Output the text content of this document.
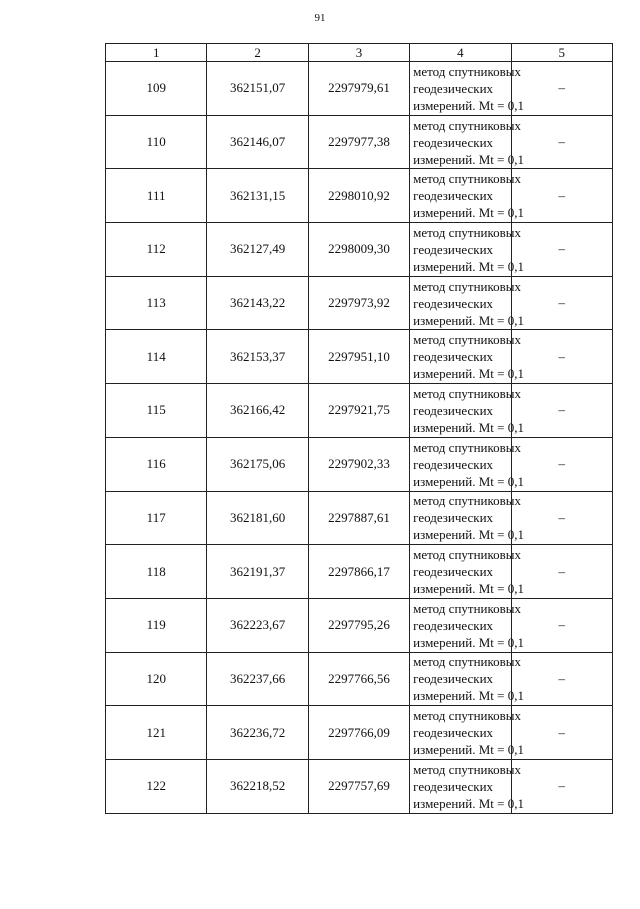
91
1	2	3	4	5
109	362151,07	2297979,61	метод спутниковых
геодезических
измерений. Mt = 0,1	–
110	362146,07	2297977,38	метод спутниковых
геодезических
измерений. Mt = 0,1	–
111	362131,15	2298010,92	метод спутниковых
геодезических
измерений. Mt = 0,1	–
112	362127,49	2298009,30	метод спутниковых
геодезических
измерений. Mt = 0,1	–
113	362143,22	2297973,92	метод спутниковых
геодезических
измерений. Mt = 0,1	–
114	362153,37	2297951,10	метод спутниковых
геодезических
измерений. Mt = 0,1	–
115	362166,42	2297921,75	метод спутниковых
геодезических
измерений. Mt = 0,1	–
116	362175,06	2297902,33	метод спутниковых
геодезических
измерений. Mt = 0,1	–
117	362181,60	2297887,61	метод спутниковых
геодезических
измерений. Mt = 0,1	–
118	362191,37	2297866,17	метод спутниковых
геодезических
измерений. Mt = 0,1	–
119	362223,67	2297795,26	метод спутниковых
геодезических
измерений. Mt = 0,1	–
120	362237,66	2297766,56	метод спутниковых
геодезических
измерений. Mt = 0,1	–
121	362236,72	2297766,09	метод спутниковых
геодезических
измерений. Mt = 0,1	–
122	362218,52	2297757,69	метод спутниковых
геодезических
измерений. Mt = 0,1	–
